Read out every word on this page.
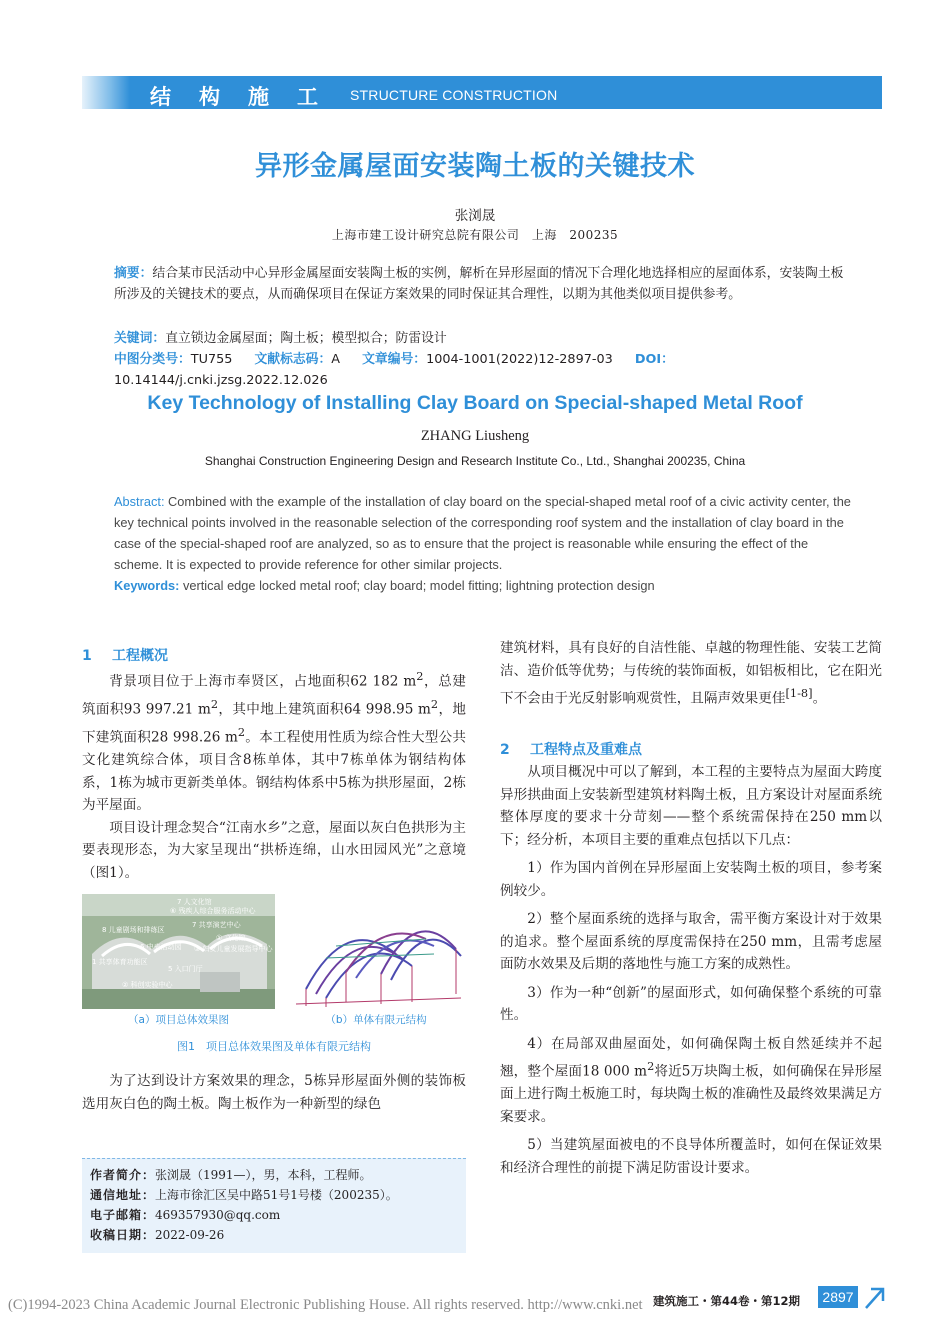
结构施工 STRUCTURE CONSTRUCTION
异形金属屋面安装陶土板的关键技术
张浏晟
上海市建工设计研究总院有限公司　上海　200235
摘要：结合某市民活动中心异形金属屋面安装陶土板的实例，解析在异形屋面的情况下合理化地选择相应的屋面体系，安装陶土板所涉及的关键技术的要点，从而确保项目在保证方案效果的同时保证其合理性，以期为其他类似项目提供参考。
关键词：直立锁边金属屋面；陶土板；模型拟合；防雷设计
中图分类号：TU755 文献标志码：A 文章编号：1004-1001(2022)12-2897-03 DOI：10.14144/j.cnki.jzsg.2022.12.026
Key Technology of Installing Clay Board on Special-shaped Metal Roof
ZHANG Liusheng
Shanghai Construction Engineering Design and Research Institute Co., Ltd., Shanghai 200235, China
Abstract: Combined with the example of the installation of clay board on the special-shaped metal roof of a civic activity center, the key technical points involved in the reasonable selection of the corresponding roof system and the installation of clay board in the case of the special-shaped roof are analyzed, so as to ensure that the project is reasonable while ensuring the effect of the scheme. It is expected to provide reference for other similar projects.
Keywords: vertical edge locked metal roof; clay board; model fitting; lightning protection design
1 工程概况

背景项目位于上海市奉贤区，占地面积62 182 $m^2$，总建筑面积93 997.21 $m^2$，其中地上建筑面积64 998.95 $m^2$，地下建筑面积28 998.26 $m^2$。本工程使用性质为综合性大型公共文化建筑综合体，项目含8栋单体，其中7栋单体为钢结构体系，1栋为城市更新类单体。钢结构体系中5栋为拱形屋面，2栋为平屋面。

项目设计理念契合“江南水乡”之意，屋面以灰白色拱形为主要表现形态，为大家呈现出“拱桥连绵，山水田园风光”之意境（图1）。

7 人文化馆
⑥ 残疾人综合服务活动中心
8 儿童剧场和排练区
7 共享演艺中心
① 文化馆
6 中央活动园 ③ 妇女儿童发展指导中心
1 共享体育功能区
5 入口门厅
② 科创实验中心
（a）项目总体效果图	（b）单体有限元结构
图1　项目总体效果图及单体有限元结构

为了达到设计方案效果的理念，5栋异形屋面外侧的装饰板选用灰白色的陶土板。陶土板作为一种新型的绿色

作者简介：张浏晟（1991—），男，本科，工程师。
通信地址：上海市徐汇区吴中路51号1号楼（200235）。
电子邮箱：469357930@qq.com
收稿日期：2022-09-26

建筑材料，具有良好的自洁性能、卓越的物理性能、安装工艺简洁、造价低等优势；与传统的装饰面板，如铝板相比，它在阳光下不会由于光反射影响观赏性，且隔声效果更佳[1-8]。

2 工程特点及重难点

从项目概况中可以了解到，本工程的主要特点为屋面大跨度异形拱曲面上安装新型建筑材料陶土板，且方案设计对屋面系统整体厚度的要求十分苛刻——整个系统需保持在250 mm以下；经分析，本项目主要的重难点包括以下几点：

1）作为国内首例在异形屋面上安装陶土板的项目，参考案例较少。

2）整个屋面系统的选择与取舍，需平衡方案设计对于效果的追求。整个屋面系统的厚度需保持在250 mm，且需考虑屋面防水效果及后期的落地性与施工方案的成熟性。

3）作为一种“创新”的屋面形式，如何确保整个系统的可靠性。

4）在局部双曲屋面处，如何确保陶土板自然延续并不起翘，整个屋面18 000 $m^2$将近5万块陶土板，如何确保在异形屋面上进行陶土板施工时，每块陶土板的准确性及最终效果满足方案要求。

5）当建筑屋面被电的不良导体所覆盖时，如何在保证效果和经济合理性的前提下满足防雷设计要求。

建筑施工・第44卷・第12期	2897
(C)1994-2023 China Academic Journal Electronic Publishing House. All rights reserved. http://www.cnki.net
